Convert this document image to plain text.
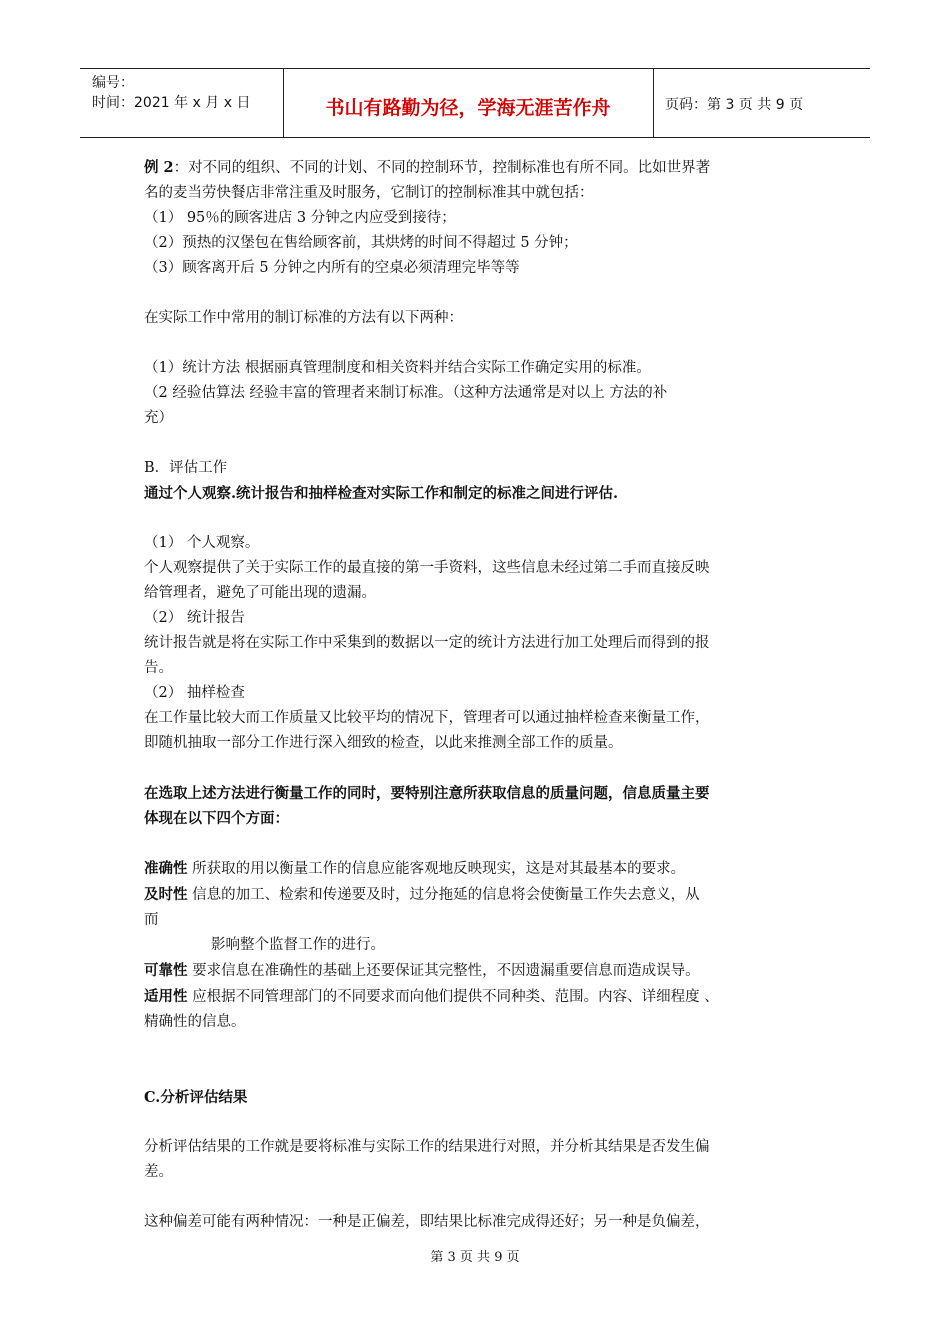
编号：
时间：2021 年 x 月 x 日	书山有路勤为径，学海无涯苦作舟	页码：第 3 页 共 9 页
例 2：对不同的组织、不同的计划、不同的控制环节，控制标准也有所不同。比如世界著
名的麦当劳快餐店非常注重及时服务，它制订的控制标准其中就包括：
（1） 95％的顾客进店 3 分钟之内应受到接待；
（2）预热的汉堡包在售给顾客前，其烘烤的时间不得超过 5 分钟；
（3）顾客离开后 5 分钟之内所有的空桌必须清理完毕等等
在实际工作中常用的制订标准的方法有以下两种：
（1）统计方法 根据丽真管理制度和相关资料并结合实际工作确定实用的标准。
（2 经验估算法 经验丰富的管理者来制订标准。（这种方法通常是对以上 方法的补
充）
B．评估工作
通过个人观察.统计报告和抽样检查对实际工作和制定的标准之间进行评估.
（1） 个人观察。
个人观察提供了关于实际工作的最直接的第一手资料，这些信息未经过第二手而直接反映
给管理者，避免了可能出现的遗漏。
（2） 统计报告
统计报告就是将在实际工作中采集到的数据以一定的统计方法进行加工处理后而得到的报
告。
（2） 抽样检查
在工作量比较大而工作质量又比较平均的情况下，管理者可以通过抽样检查来衡量工作，
即随机抽取一部分工作进行深入细致的检查，以此来推测全部工作的质量。
在选取上述方法进行衡量工作的同时，要特别注意所获取信息的质量问题，信息质量主要
体现在以下四个方面：
准确性 所获取的用以衡量工作的信息应能客观地反映现实，这是对其最基本的要求。
及时性 信息的加工、检索和传递要及时，过分拖延的信息将会使衡量工作失去意义，从
而
影响整个监督工作的进行。
可靠性 要求信息在准确性的基础上还要保证其完整性，不因遗漏重要信息而造成误导。
适用性 应根据不同管理部门的不同要求而向他们提供不同种类、范围。内容、详细程度 、
精确性的信息。
C.分析评估结果
分析评估结果的工作就是要将标准与实际工作的结果进行对照，并分析其结果是否发生偏
差。
这种偏差可能有两种情况：一种是正偏差，即结果比标准完成得还好；另一种是负偏差，
第 3 页 共 9 页
